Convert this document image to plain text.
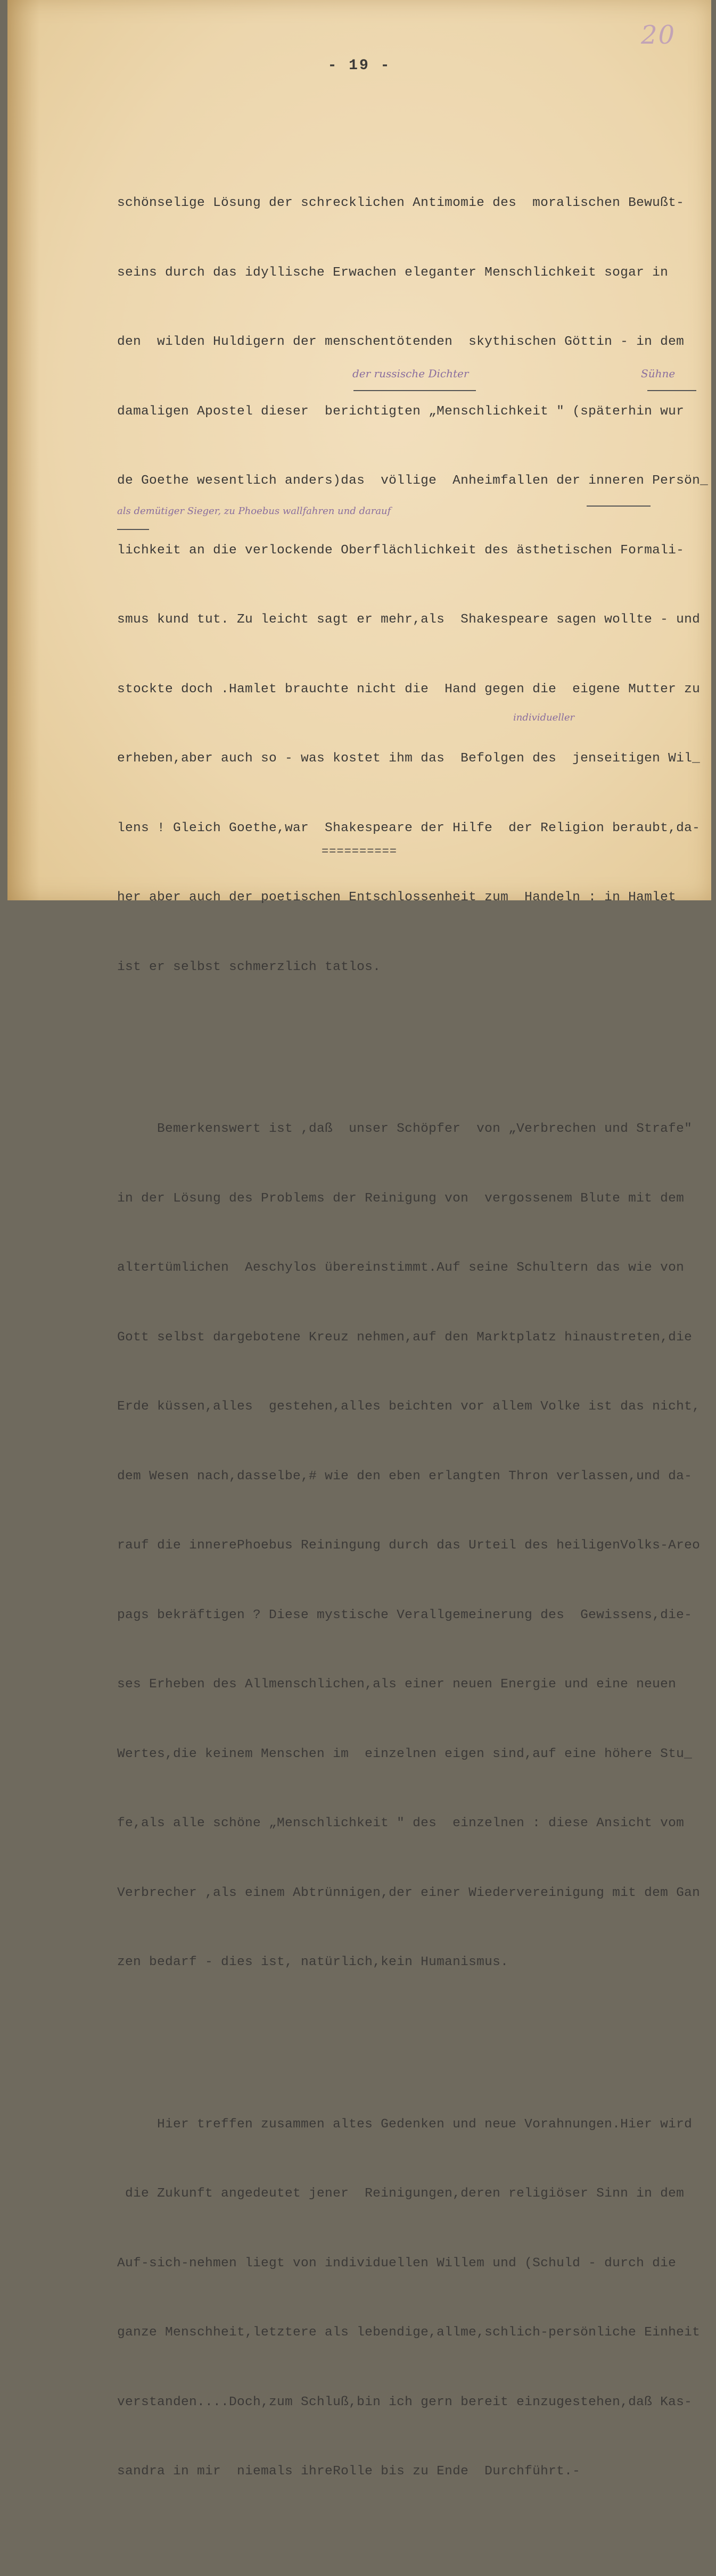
20
- 19 -

schönselige Lösung der schrecklichen Antimomie des  moralischen Bewußt-

seins durch das idyllische Erwachen eleganter Menschlichkeit sogar in

den  wilden Huldigern der menschentötenden  skythischen Göttin - in dem

damaligen Apostel dieser  berichtigten „Menschlichkeit " (späterhin wur

de Goethe wesentlich anders)das  völlige  Anheimfallen der inneren Persön_

lichkeit an die verlockende Oberflächlichkeit des ästhetischen Formali-

smus kund tut. Zu leicht sagt er mehr,als  Shakespeare sagen wollte - und

stockte doch .Hamlet brauchte nicht die  Hand gegen die  eigene Mutter zu

erheben,aber auch so - was kostet ihm das  Befolgen des  jenseitigen Wil_

lens ! Gleich Goethe,war  Shakespeare der Hilfe  der Religion beraubt,da-

her aber auch der poetischen Entschlossenheit zum  Handeln : in Hamlet

ist er selbst schmerzlich tatlos.

Bemerkenswert ist ,daß  unser Schöpfer  von „Verbrechen und Strafe"

in der Lösung des Problems der Reinigung von  vergossenem Blute mit dem

altertümlichen  Aeschylos übereinstimmt.Auf seine Schultern das wie von

Gott selbst dargebotene Kreuz nehmen,auf den Marktplatz hinaustreten,die

Erde küssen,alles  gestehen,alles beichten vor allem Volke ist das nicht,

dem Wesen nach,dasselbe,# wie den eben erlangten Thron verlassen,und da-

rauf die innerePhoebus Reiningung durch das Urteil des heiligenVolks-Areo

pags bekräftigen ? Diese mystische Verallgemeinerung des  Gewissens,die-

ses Erheben des Allmenschlichen,als einer neuen Energie und eine neuen

Wertes,die keinem Menschen im  einzelnen eigen sind,auf eine höhere Stu_

fe,als alle schöne „Menschlichkeit " des  einzelnen : diese Ansicht vom

Verbrecher ,als einem Abtrünnigen,der einer Wiedervereinigung mit dem Gan

zen bedarf - dies ist, natürlich,kein Humanismus.

Hier treffen zusammen altes Gedenken und neue Vorahnungen.Hier wird

die Zukunft angedeutet jener  Reinigungen,deren religiöser Sinn in dem

Auf-sich-nehmen liegt von individuellen Willem und (Schuld - durch die

ganze Menschheit,letztere als lebendige,allme,schlich-persönliche Einheit

verstanden....Doch,zum Schluß,bin ich gern bereit einzugestehen,daß Kas-

sandra in mir  niemals ihreRolle bis zu Ende  Durchführt.-

der russische Dichter	Sühne
als demütiger Sieger, zu Phoebus wallfahren und darauf
individueller
==========
